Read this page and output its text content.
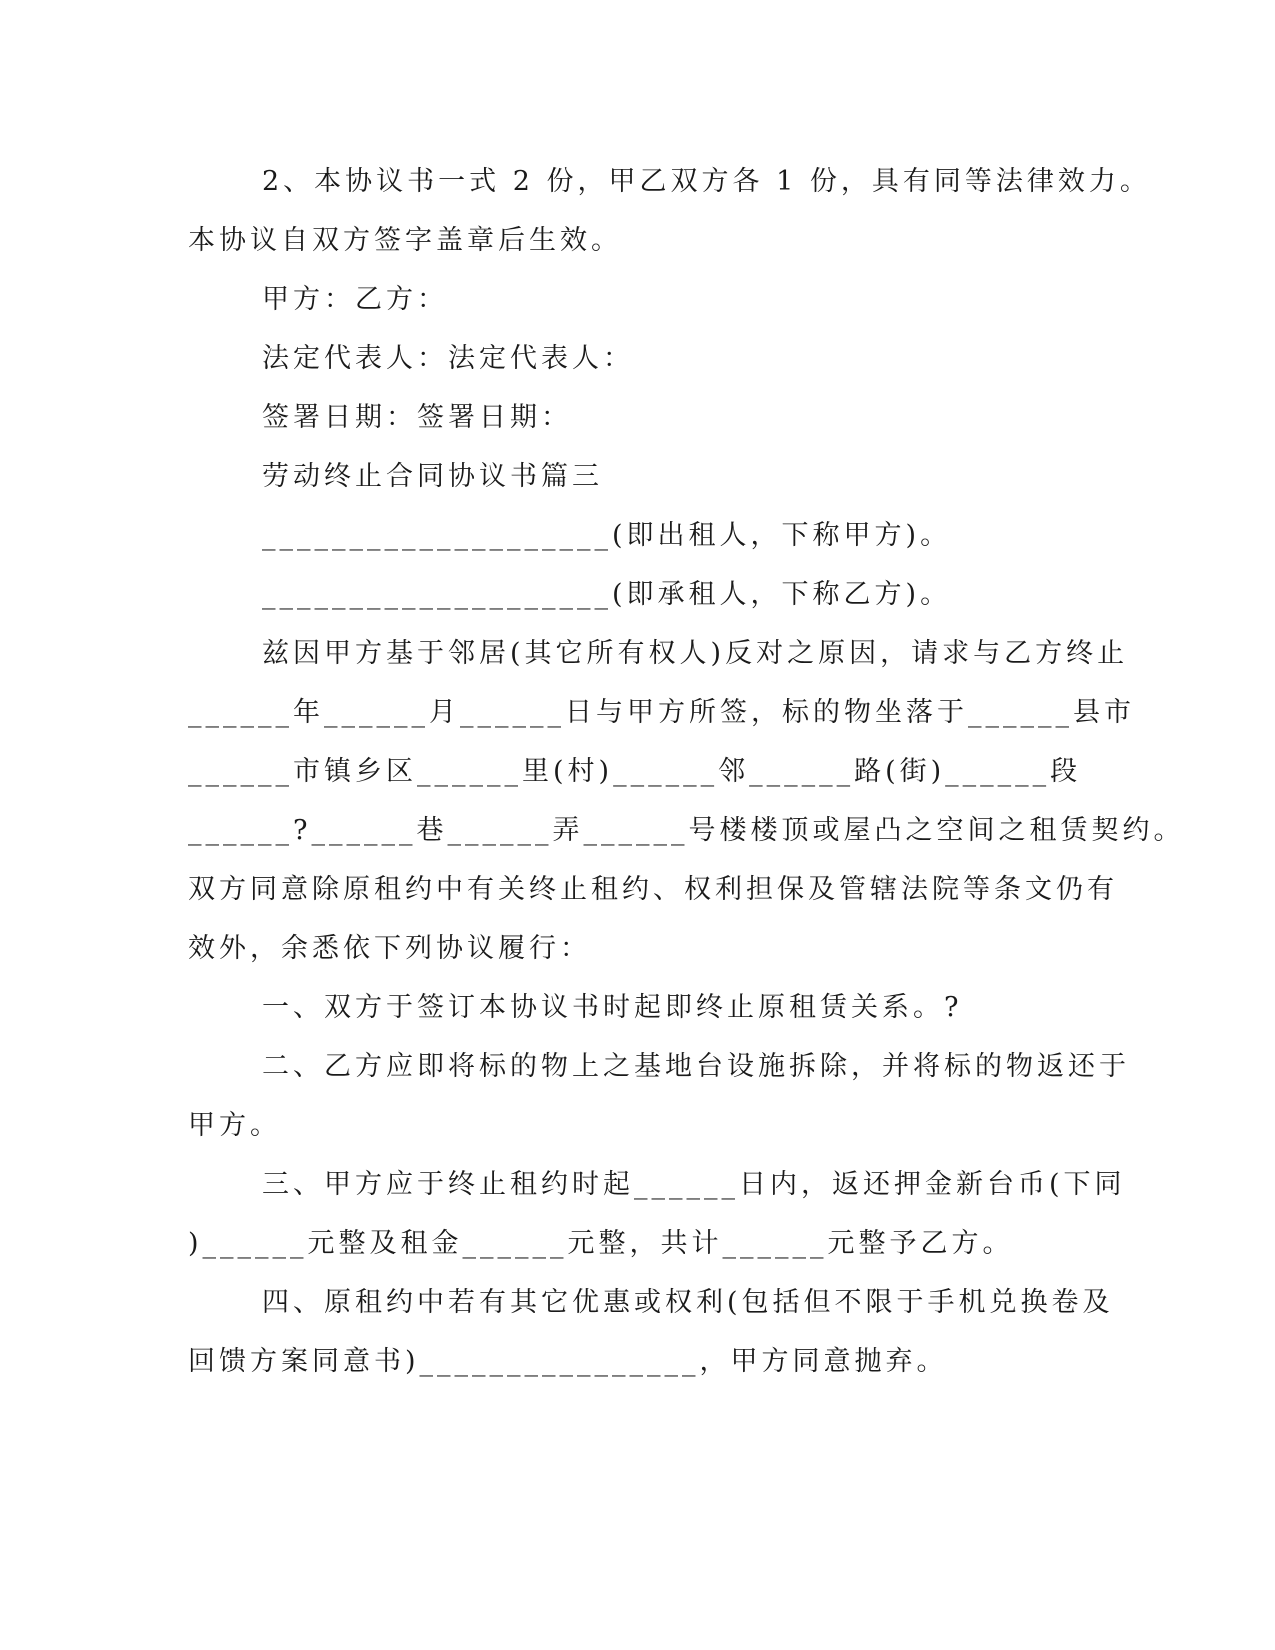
2、本协议书一式 2 份，甲乙双方各 1 份，具有同等法律效力。
本协议自双方签字盖章后生效。
甲方：乙方：
法定代表人：法定代表人：
签署日期：签署日期：
劳动终止合同协议书篇三
____________________(即出租人，下称甲方)。
____________________(即承租人，下称乙方)。
兹因甲方基于邻居(其它所有权人)反对之原因，请求与乙方终止
______年______月______日与甲方所签，标的物坐落于______县市
______市镇乡区______里(村)______邻______路(街)______段
______?______巷______弄______号楼楼顶或屋凸之空间之租赁契约。
双方同意除原租约中有关终止租约、权利担保及管辖法院等条文仍有
效外，余悉依下列协议履行：
一、双方于签订本协议书时起即终止原租赁关系。?
二、乙方应即将标的物上之基地台设施拆除，并将标的物返还于
甲方。
三、甲方应于终止租约时起______日内，返还押金新台币(下同
)______元整及租金______元整，共计______元整予乙方。
四、原租约中若有其它优惠或权利(包括但不限于手机兑换卷及
回馈方案同意书)________________，甲方同意抛弃。
